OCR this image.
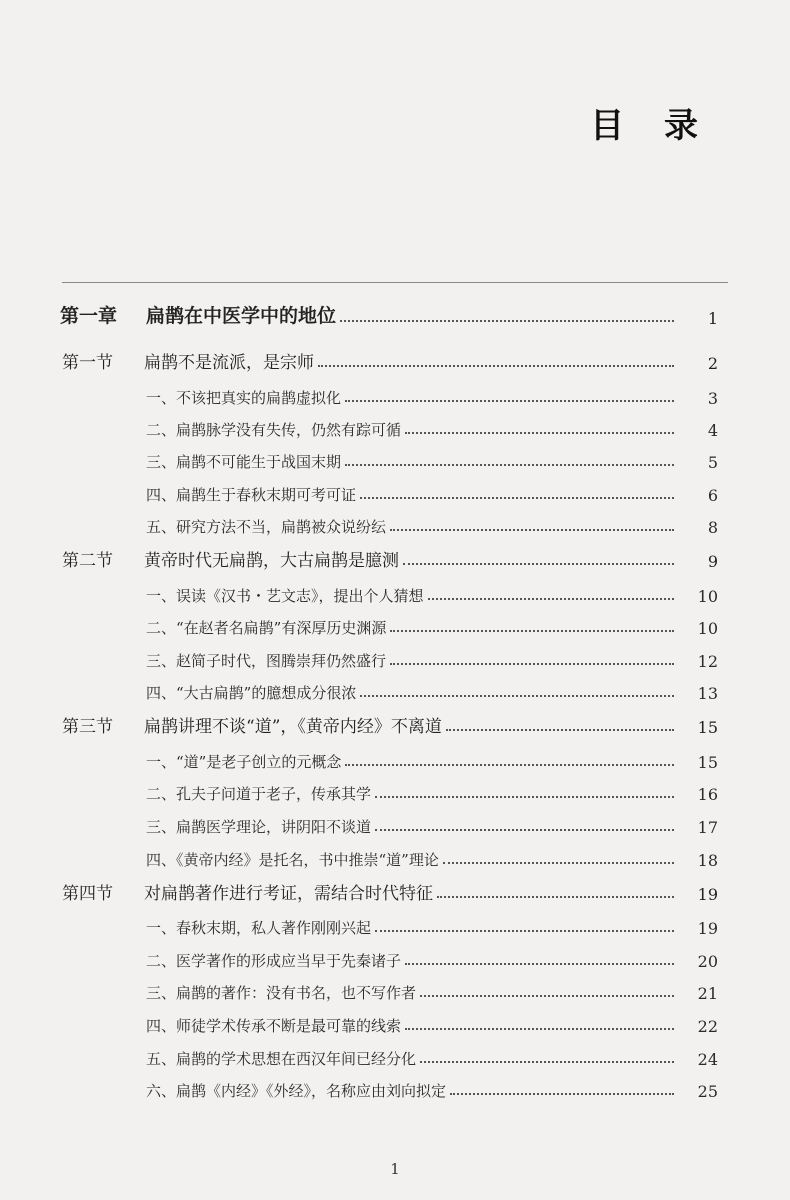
目 录
第一章	扁鹊在中医学中的地位	1
第一节	扁鹊不是流派，是宗师	2
一、不该把真实的扁鹊虚拟化	3
二、扁鹊脉学没有失传，仍然有踪可循	4
三、扁鹊不可能生于战国末期	5
四、扁鹊生于春秋末期可考可证	6
五、研究方法不当，扁鹊被众说纷纭	8
第二节	黄帝时代无扁鹊，大古扁鹊是臆测	9
一、误读《汉书・艺文志》，提出个人猜想	10
二、“在赵者名扁鹊”有深厚历史渊源	10
三、赵简子时代，图腾崇拜仍然盛行	12
四、“大古扁鹊”的臆想成分很浓	13
第三节	扁鹊讲理不谈“道”，《黄帝内经》不离道	15
一、“道”是老子创立的元概念	15
二、孔夫子问道于老子，传承其学	16
三、扁鹊医学理论，讲阴阳不谈道	17
四、《黄帝内经》是托名，书中推崇“道”理论	18
第四节	对扁鹊著作进行考证，需结合时代特征	19
一、春秋末期，私人著作刚刚兴起	19
二、医学著作的形成应当早于先秦诸子	20
三、扁鹊的著作：没有书名，也不写作者	21
四、师徒学术传承不断是最可靠的线索	22
五、扁鹊的学术思想在西汉年间已经分化	24
六、扁鹊《内经》《外经》，名称应由刘向拟定	25
1
